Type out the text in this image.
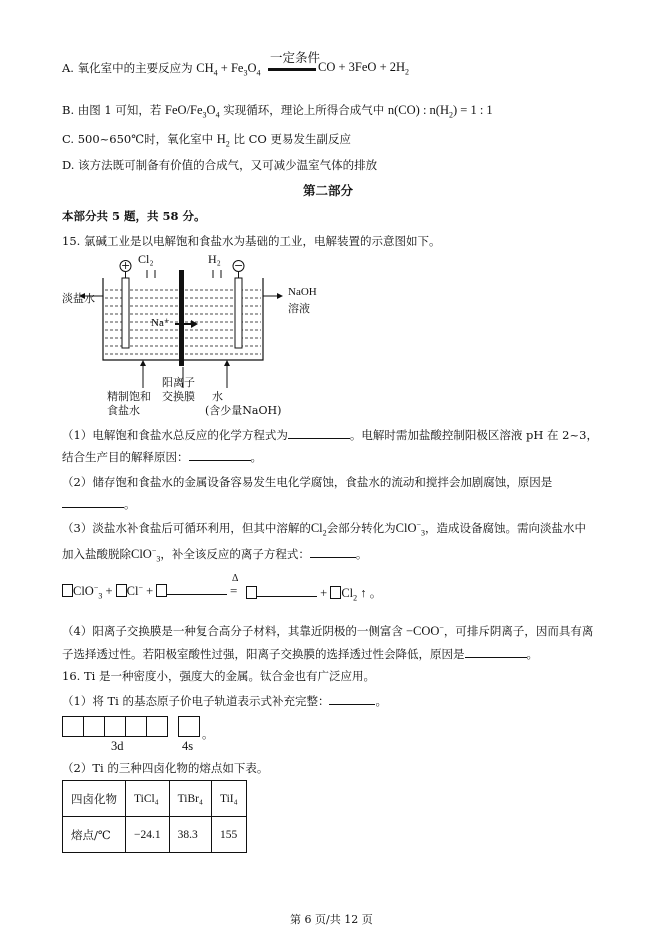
A. 氧化室中的主要反应为 $CH_4 + Fe_3O_4$
一定条件
CO + $3FeO + 2H_2$
B. 由图 1 可知，若 FeO/$Fe_3O_4$ 实现循环，理论上所得合成气中 n(CO) : $n(H_2) = 1$ : 1
C. 500~650℃时，氧化室中 $H_2$ 比 CO 更易发生副反应
D. 该方法既可制备有价值的合成气，又可减少温室气体的排放
第二部分
本部分共 5 题，共 58 分。
15. 氯碱工业是以电解饱和食盐水为基础的工业，电解装置的示意图如下。
+	−
Cl₂	H₂
淡盐水	NaOH
溶液
Na⁺
精制饱和
食盐水
阳离子
交换膜 水
(含少量NaOH)
（1）电解饱和食盐水总反应的化学方程式为	。电解时需加盐酸控制阳极区溶液 pH 在 2~3，
结合生产目的解释原因：	。
（2）储存饱和食盐水的金属设备容易发生电化学腐蚀，食盐水的流动和搅拌会加剧腐蚀，原因是
。
（3）淡盐水补食盐后可循环利用，但其中溶解的$Cl_2$会部分转化为ClO−$_3$，造成设备腐蚀。需向淡盐水中
加入盐酸脱除ClO−$_3$，补全该反应的离子方程式：	。
ClO−$_3$ + Cl− +
Δ
=	+ $Cl_2$ ↑ 。
（4）阳离子交换膜是一种复合高分子材料，其靠近阴极的一侧富含 −COO−，可排斥阴离子，因而具有离
子选择透过性。若阳极室酸性过强，阳离子交换膜的选择透过性会降低，原因是	。
16. Ti 是一种密度小，强度大的金属。钛合金也有广泛应用。
（1）将 Ti 的基态原子价电子轨道表示式补充完整：	。
。
3d	4s
（2）Ti 的三种四卤化物的熔点如下表。
四卤化物	TiCl₄	TiBr₄	TiI₄
熔点/℃	−24.1	38.3	155
第 6 页/共 12 页
